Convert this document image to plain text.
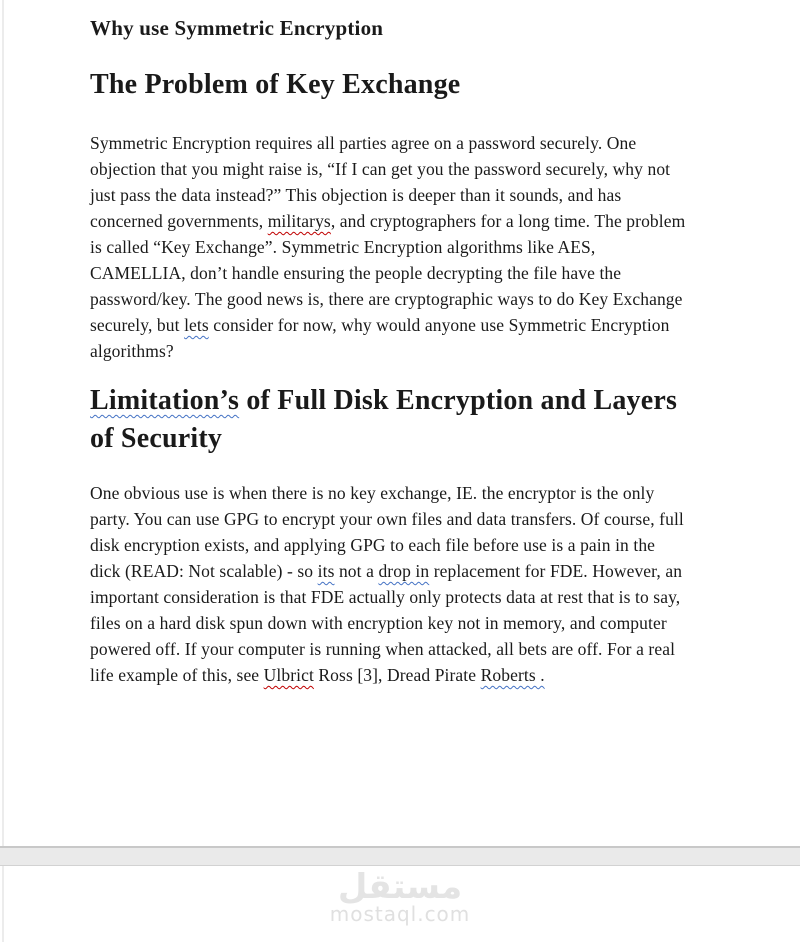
Why use Symmetric Encryption
The Problem of Key Exchange

Symmetric Encryption requires all parties agree on a password securely. One objection that you might raise is, “If I can get you the password securely, why not just pass the data instead?” This objection is deeper than it sounds, and has concerned governments, militarys, and cryptographers for a long time. The problem is called “Key Exchange”. Symmetric Encryption algorithms like AES, CAMELLIA, don’t handle ensuring the people decrypting the file have the password/key. The good news is, there are cryptographic ways to do Key Exchange securely, but lets consider for now, why would anyone use Symmetric Encryption algorithms?

Limitation’s of Full Disk Encryption and Layers of Security

One obvious use is when there is no key exchange, IE. the encryptor is the only party. You can use GPG to encrypt your own files and data transfers. Of course, full disk encryption exists, and applying GPG to each file before use is a pain in the dick (READ: Not scalable) - so its not a drop in replacement for FDE. However, an important consideration is that FDE actually only protects data at rest that is to say, files on a hard disk spun down with encryption key not in memory, and computer powered off. If your computer is running when attacked, all bets are off. For a real life example of this, see Ulbrict Ross [3], Dread Pirate Roberts .

مستقل
mostaql.com
